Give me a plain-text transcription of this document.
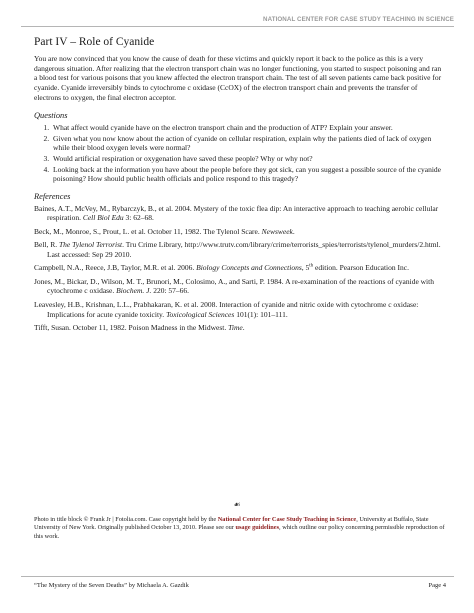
NATIONAL CENTER FOR CASE STUDY TEACHING IN SCIENCE
Part IV – Role of Cyanide

You are now convinced that you know the cause of death for these victims and quickly report it back to the police as this is a very dangerous situation. After realizing that the electron transport chain was no longer functioning, you started to suspect poisoning and ran a blood test for various poisons that you knew affected the electron transport chain. The test of all seven patients came back positive for cyanide. Cyanide irreversibly binds to cytochrome c oxidase (CcOX) of the electron transport chain and prevents the transfer of electrons to oxygen, the final electron acceptor.

Questions
1. What affect would cyanide have on the electron transport chain and the production of ATP? Explain your answer.
2. Given what you now know about the action of cyanide on cellular respiration, explain why the patients died of lack of oxygen while their blood oxygen levels were normal?
3. Would artificial respiration or oxygenation have saved these people? Why or why not?
4. Looking back at the information you have about the people before they got sick, can you suggest a possible source of the cyanide poisoning? How should public health officials and police respond to this tragedy?
References
Baines, A.T., McVey, M., Rybarczyk, B., et al. 2004. Mystery of the toxic flea dip: An interactive approach to teaching aerobic cellular respiration. Cell Biol Edu 3: 62–68.
Beck, M., Monroe, S., Prout, L. et al. October 11, 1982. The Tylenol Scare. Newsweek.
Bell, R. The Tylenol Terrorist. Tru Crime Library, http://www.trutv.com/library/crime/terrorists_spies/terrorists/tylenol_murders/2.html. Last accessed: Sep 29 2010.
Campbell, N.A., Reece, J.B, Taylor, M.R. et al. 2006. Biology Concepts and Connections, 5th edition. Pearson Education Inc.
Jones, M., Bickar, D., Wilson, M. T., Brunori, M., Colosimo, A., and Sarti, P. 1984. A re-examination of the reactions of cyanide with cytochrome c oxidase. Biochem. J. 220: 57–66.
Leavesley, H.B., Krishnan, L.L., Prabhakaran, K. et al. 2008. Interaction of cyanide and nitric oxide with cytochrome c oxidase: Implications for acute cyanide toxicity. Toxicological Sciences 101(1): 101–111.
Tifft, Susan. October 11, 1982. Poison Madness in the Midwest. Time.
☙
Photo in title block © Frank Jr | Fotolia.com. Case copyright held by the National Center for Case Study Teaching in Science, University at Buffalo, State University of New York. Originally published October 13, 2010. Please see our usage guidelines, which outline our policy concerning permissible reproduction of this work.
“The Mystery of the Seven Deaths” by Michaela A. Gazdik	Page 4
